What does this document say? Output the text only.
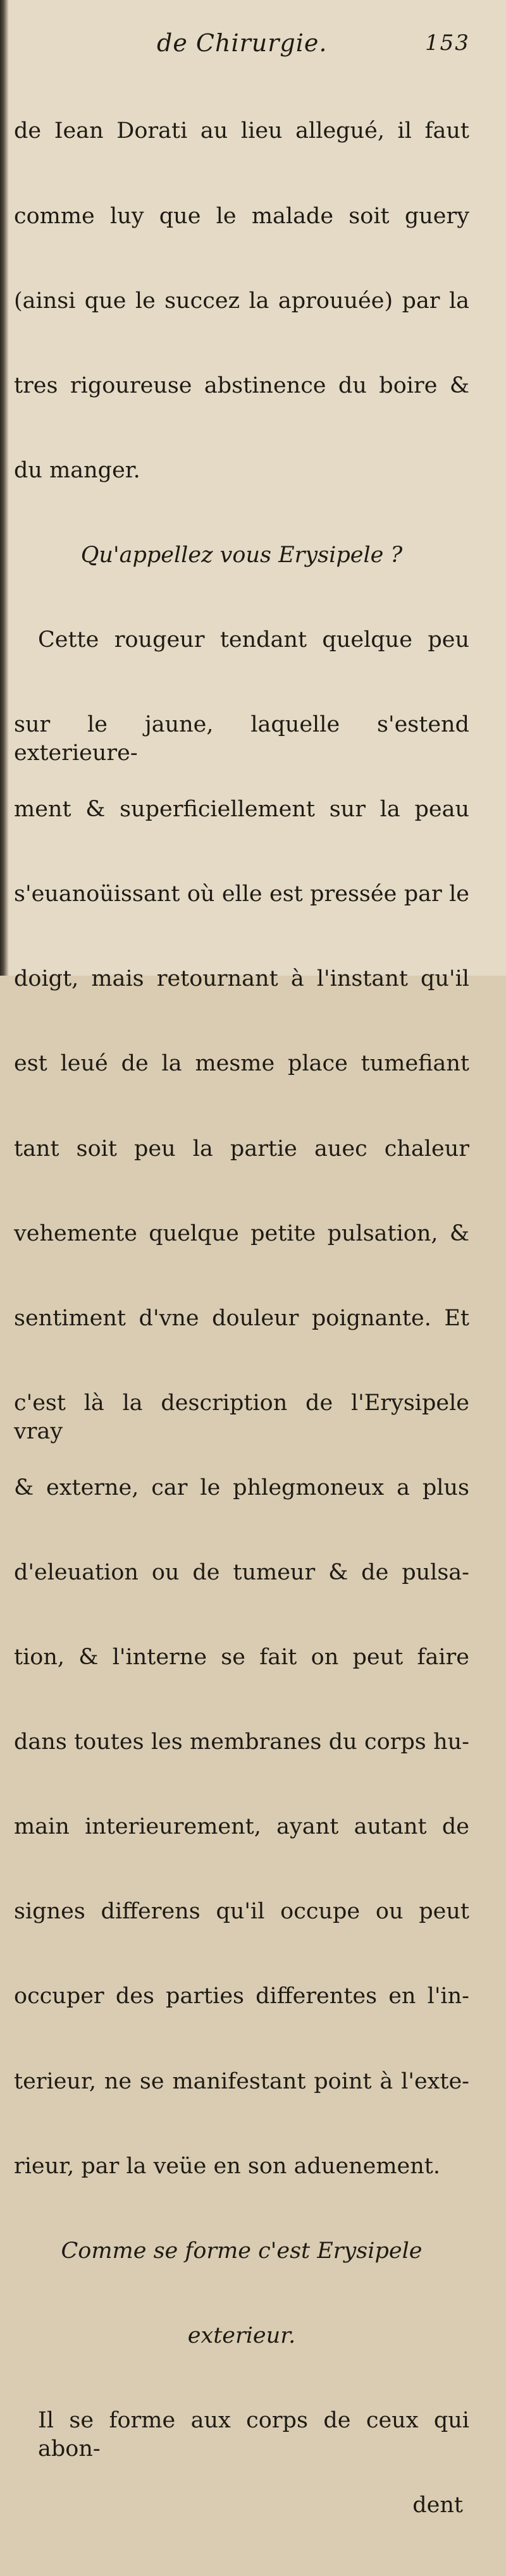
de Chirurgie.	153

de Iean Dorati au lieu allegué, il faut

comme luy que le malade soit guery

(ainsi que le succez la aprouuée) par la

tres rigoureuse abstinence du boire &

du manger.

Qu'appellez vous Erysipele ?

Cette rougeur tendant quelque peu

sur le jaune, laquelle s'estend exterieure-

ment & superficiellement sur la peau

s'euanoüissant où elle est presséе par le

doigt, mais retournant à l'instant qu'il

est leué de la mesme place tumefiant

tant soit peu la partie auec chaleur

vehemente quelque petite pulsation, &

sentiment d'vne douleur poignante. Et

c'est là la description de l'Erysipele vray

& externe, car le phlegmoneux a plus

d'eleuation ou de tumeur & de pulsa-

tion, & l'interne se fait on peut faire

dans toutes les membranes du corps hu-

main interieurement, ayant autant de

signes differens qu'il occupe ou peut

occuper des parties differentes en l'in-

terieur, ne se manifestant point à l'exte-

rieur, par la veüe en son aduenement.

Comme se forme c'est Erysipele

exterieur.

Il se forme aux corps de ceux qui abon-

dent
